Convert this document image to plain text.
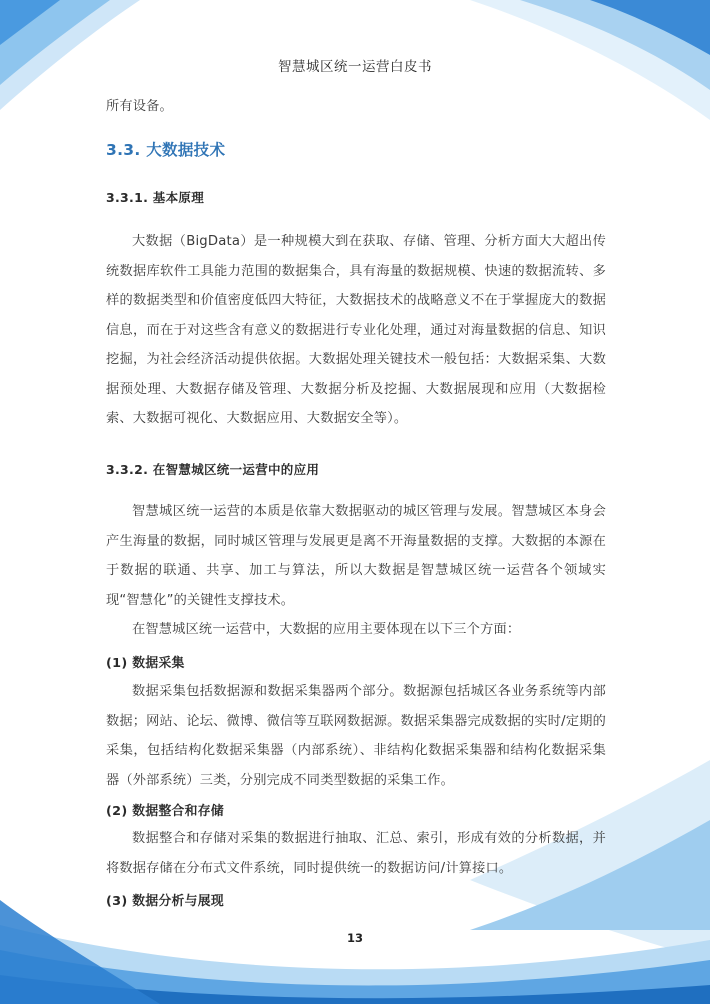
智慧城区统一运营白皮书

所有设备。

3.3. 大数据技术
3.3.1. 基本原理

大数据（BigData）是一种规模大到在获取、存储、管理、分析方面大大超出传统数据库软件工具能力范围的数据集合，具有海量的数据规模、快速的数据流转、多样的数据类型和价值密度低四大特征，大数据技术的战略意义不在于掌握庞大的数据信息，而在于对这些含有意义的数据进行专业化处理，通过对海量数据的信息、知识挖掘，为社会经济活动提供依据。大数据处理关键技术一般包括：大数据采集、大数据预处理、大数据存储及管理、大数据分析及挖掘、大数据展现和应用（大数据检索、大数据可视化、大数据应用、大数据安全等）。

3.3.2. 在智慧城区统一运营中的应用

智慧城区统一运营的本质是依靠大数据驱动的城区管理与发展。智慧城区本身会产生海量的数据，同时城区管理与发展更是离不开海量数据的支撑。大数据的本源在于数据的联通、共享、加工与算法，所以大数据是智慧城区统一运营各个领域实现“智慧化”的关键性支撑技术。

在智慧城区统一运营中，大数据的应用主要体现在以下三个方面：

(1) 数据采集

数据采集包括数据源和数据采集器两个部分。数据源包括城区各业务系统等内部数据；网站、论坛、微博、微信等互联网数据源。数据采集器完成数据的实时/定期的采集，包括结构化数据采集器（内部系统）、非结构化数据采集器和结构化数据采集器（外部系统）三类，分别完成不同类型数据的采集工作。

(2) 数据整合和存储

数据整合和存储对采集的数据进行抽取、汇总、索引，形成有效的分析数据，并将数据存储在分布式文件系统，同时提供统一的数据访问/计算接口。

(3) 数据分析与展现
13
